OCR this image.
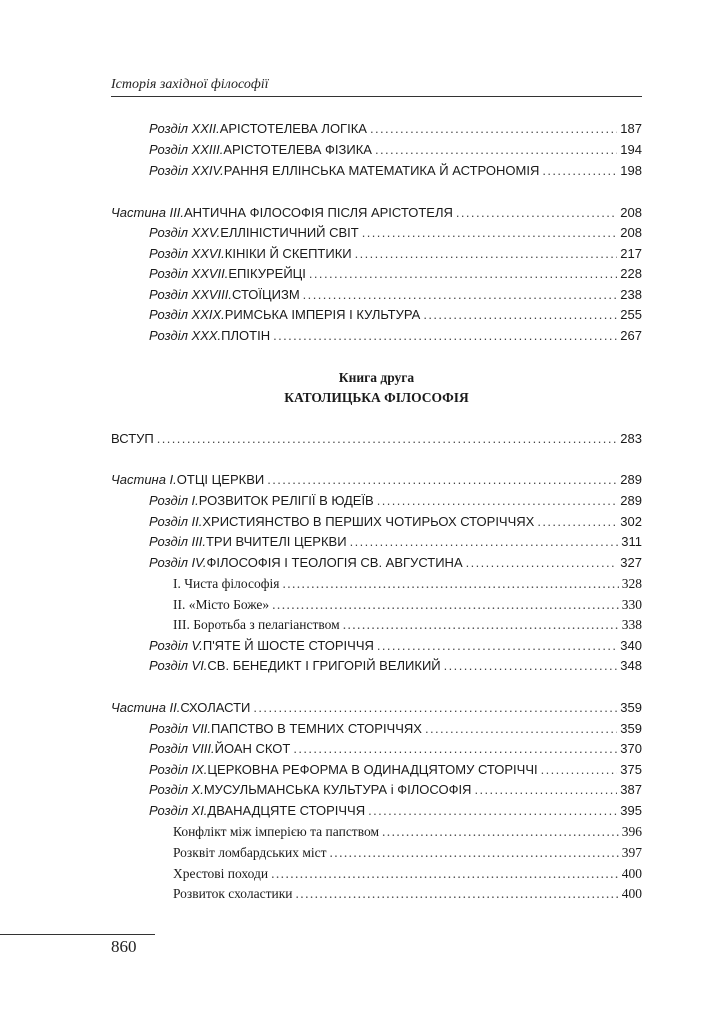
Історія західної філософії
Розділ XXII. АРІСТОТЕЛЕВА ЛОГІКА .....	187
Розділ XXIII. АРІСТОТЕЛЕВА ФІЗИКА .....	194
Розділ XXIV. РАННЯ ЕЛЛІНСЬКА МАТЕМАТИКА Й АСТРОНОМІЯ .....	198
Частина III. АНТИЧНА ФІЛОСОФІЯ ПІСЛЯ АРІСТОТЕЛЯ .....	208
Розділ XXV. ЕЛЛІНІСТИЧНИЙ СВІТ .....	208
Розділ XXVI. КІНІКИ Й СКЕПТИКИ .....	217
Розділ XXVII. ЕПІКУРЕЙЦІ .....	228
Розділ XXVIII. СТОЇЦИЗМ .....	238
Розділ XXIX. РИМСЬКА ІМПЕРІЯ І КУЛЬТУРА .....	255
Розділ XXX. ПЛОТІН .....	267
Книга друга
КАТОЛИЦЬКА ФІЛОСОФІЯ
ВСТУП .....	283
Частина I. ОТЦІ ЦЕРКВИ .....	289
Розділ I. РОЗВИТОК РЕЛІГІЇ В ЮДЕЇВ .....	289
Розділ II. ХРИСТИЯНСТВО В ПЕРШИХ ЧОТИРЬОХ СТОРІЧЧЯХ .....	302
Розділ III. ТРИ ВЧИТЕЛІ ЦЕРКВИ .....	311
Розділ IV. ФІЛОСОФІЯ І ТЕОЛОГІЯ СВ. АВГУСТИНА .....	327
I. Чиста філософія .....	328
II. «Місто Боже» .....	330
III. Боротьба з пелагіанством .....	338
Розділ V. П'ЯТЕ Й ШОСТЕ СТОРІЧЧЯ .....	340
Розділ VI. СВ. БЕНЕДИКТ І ГРИГОРІЙ ВЕЛИКИЙ .....	348
Частина II. СХОЛАСТИ .....	359
Розділ VII. ПАПСТВО В ТЕМНИХ СТОРІЧЧЯХ .....	359
Розділ VIII. ЙОАН СКОТ .....	370
Розділ IX. ЦЕРКОВНА РЕФОРМА В ОДИНАДЦЯТОМУ СТОРІЧЧІ .....	375
Розділ X. МУСУЛЬМАНСЬКА КУЛЬТУРА і ФІЛОСОФІЯ .....	387
Розділ XI. ДВАНАДЦЯТЕ СТОРІЧЧЯ .....	395
Конфлікт між імперією та папством .....	396
Розквіт ломбардських міст .....	397
Хрестові походи .....	400
Розвиток схоластики .....	400
860
